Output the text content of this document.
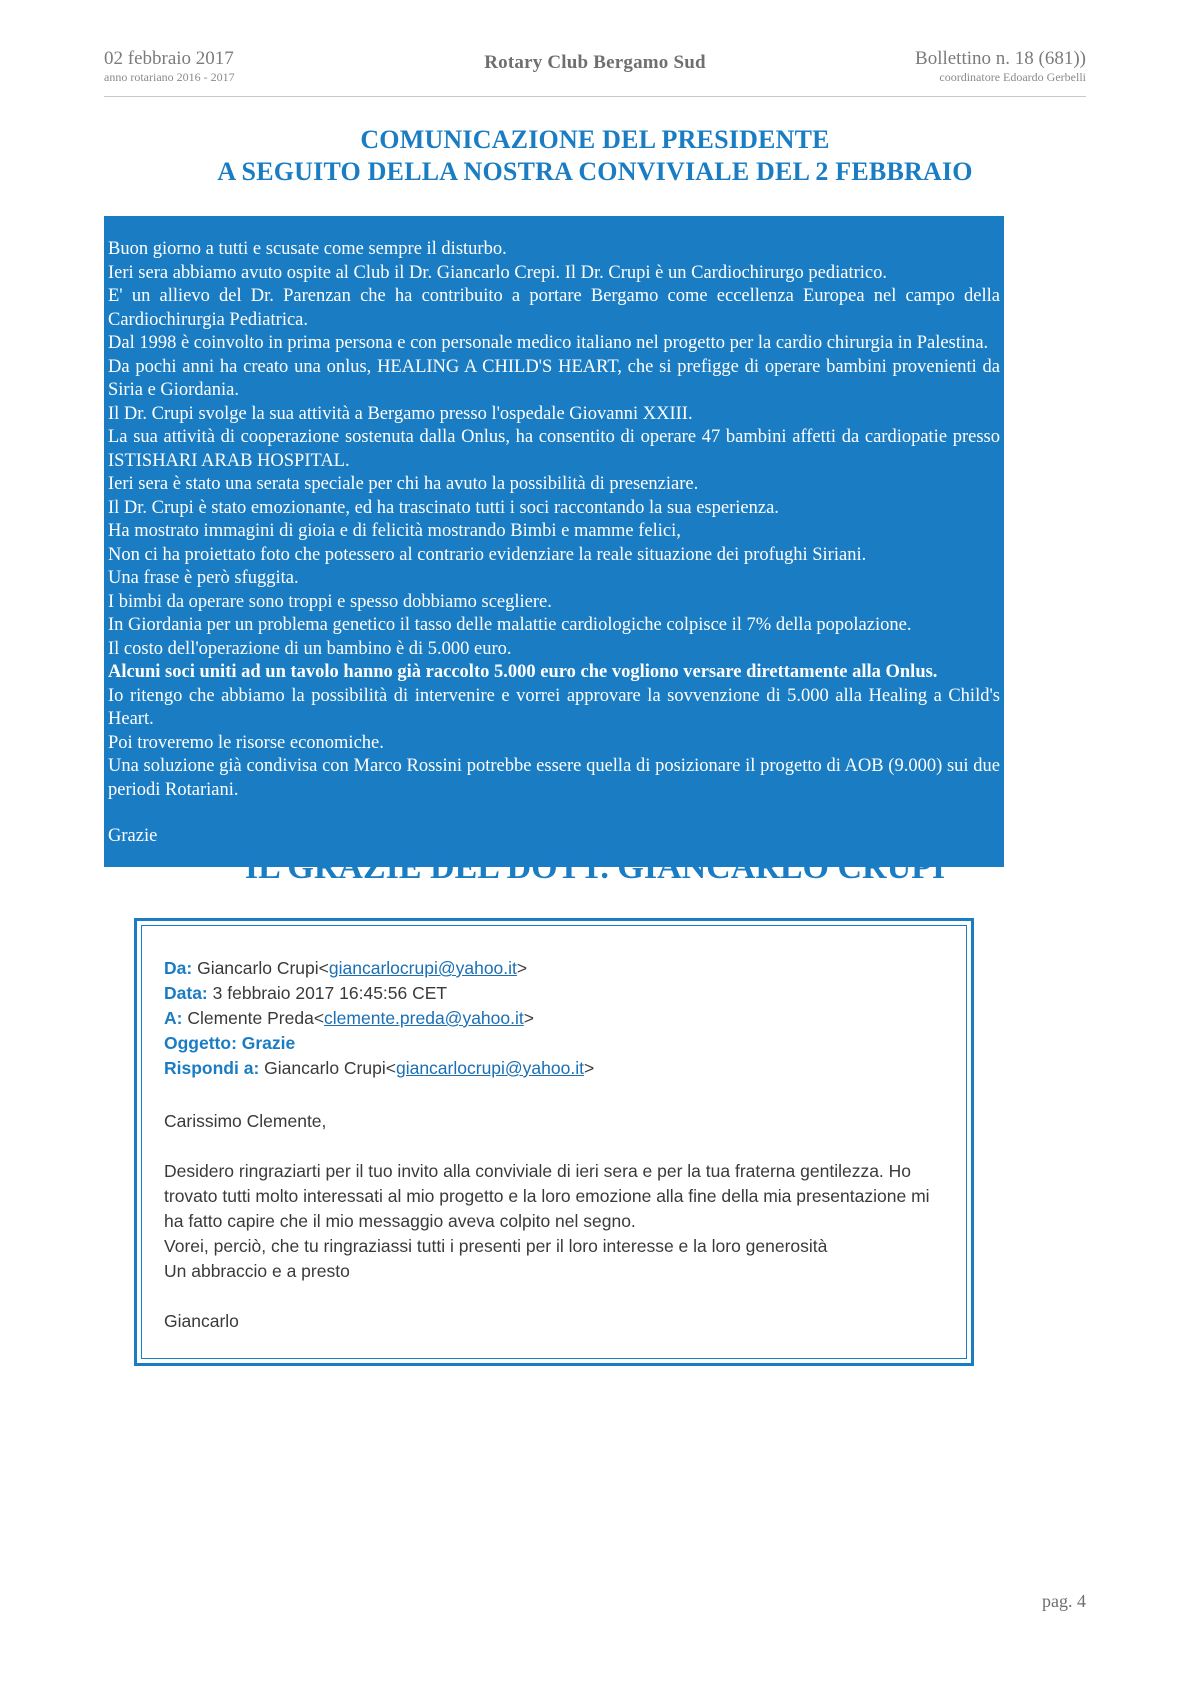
02 febbraio 2017
anno rotariano 2016 - 2017
Rotary Club Bergamo Sud	Bollettino n. 18 (681))
coordinatore Edoardo Gerbelli
COMUNICAZIONE DEL PRESIDENTE
A SEGUITO DELLA NOSTRA CONVIVIALE DEL 2 FEBBRAIO

Buon giorno a tutti e scusate come sempre il disturbo.

Ieri sera abbiamo avuto ospite al Club il Dr. Giancarlo Crepi. Il Dr. Crupi è un Cardiochirurgo pediatrico.

E' un allievo del Dr. Parenzan che ha contribuito a portare Bergamo come eccellenza Europea nel campo della Cardiochirurgia Pediatrica.

Dal 1998 è coinvolto in prima persona e con personale medico italiano nel progetto per la cardio chirurgia in Palestina.

Da pochi anni ha creato una onlus, HEALING A CHILD'S HEART, che si prefigge di operare bambini provenienti da Siria e Giordania.

Il Dr. Crupi svolge la sua attività a Bergamo presso l'ospedale Giovanni XXIII.

La sua attività di cooperazione sostenuta dalla Onlus, ha consentito di operare 47 bambini affetti da cardiopatie presso ISTISHARI ARAB HOSPITAL.

Ieri sera è stato una serata speciale per chi ha avuto la possibilità di presenziare.

Il Dr. Crupi è stato emozionante, ed ha trascinato tutti i soci raccontando la sua esperienza.

Ha mostrato immagini di gioia e di felicità mostrando Bimbi e mamme felici,

Non ci ha proiettato foto che potessero al contrario evidenziare la reale situazione dei profughi Siriani.

Una frase è però sfuggita.

I bimbi da operare sono troppi e spesso dobbiamo scegliere.

In Giordania per un problema genetico il tasso delle malattie cardiologiche colpisce il 7% della popolazione.

Il costo dell'operazione di un bambino è di 5.000 euro.

Alcuni soci uniti ad un tavolo hanno già raccolto 5.000 euro che vogliono versare direttamente alla Onlus.

Io ritengo che abbiamo la possibilità di intervenire e vorrei approvare la sovvenzione di 5.000 alla Healing a Child's Heart.

Poi troveremo le risorse economiche.

Una soluzione già condivisa con Marco Rossini potrebbe essere quella di posizionare il progetto di AOB (9.000) sui due periodi Rotariani.

Grazie

IL GRAZIE DEL DOTT. GIANCARLO CRUPI
Da: Giancarlo Crupi<giancarlocrupi@yahoo.it>
Data: 3 febbraio 2017 16:45:56 CET
A: Clemente Preda<clemente.preda@yahoo.it>
Oggetto: Grazie
Rispondi a: Giancarlo Crupi<giancarlocrupi@yahoo.it>

Carissimo Clemente,

Desidero ringraziarti per il tuo invito alla conviviale di ieri sera e per la tua fraterna gentilezza. Ho trovato tutti molto interessati al mio progetto e la loro emozione alla fine della mia presentazione mi ha fatto capire che il mio messaggio aveva colpito nel segno.

Vorei, perciò, che tu ringraziassi tutti i presenti per il loro interesse e la loro generosità

Un abbraccio e a presto

Giancarlo

pag. 4
